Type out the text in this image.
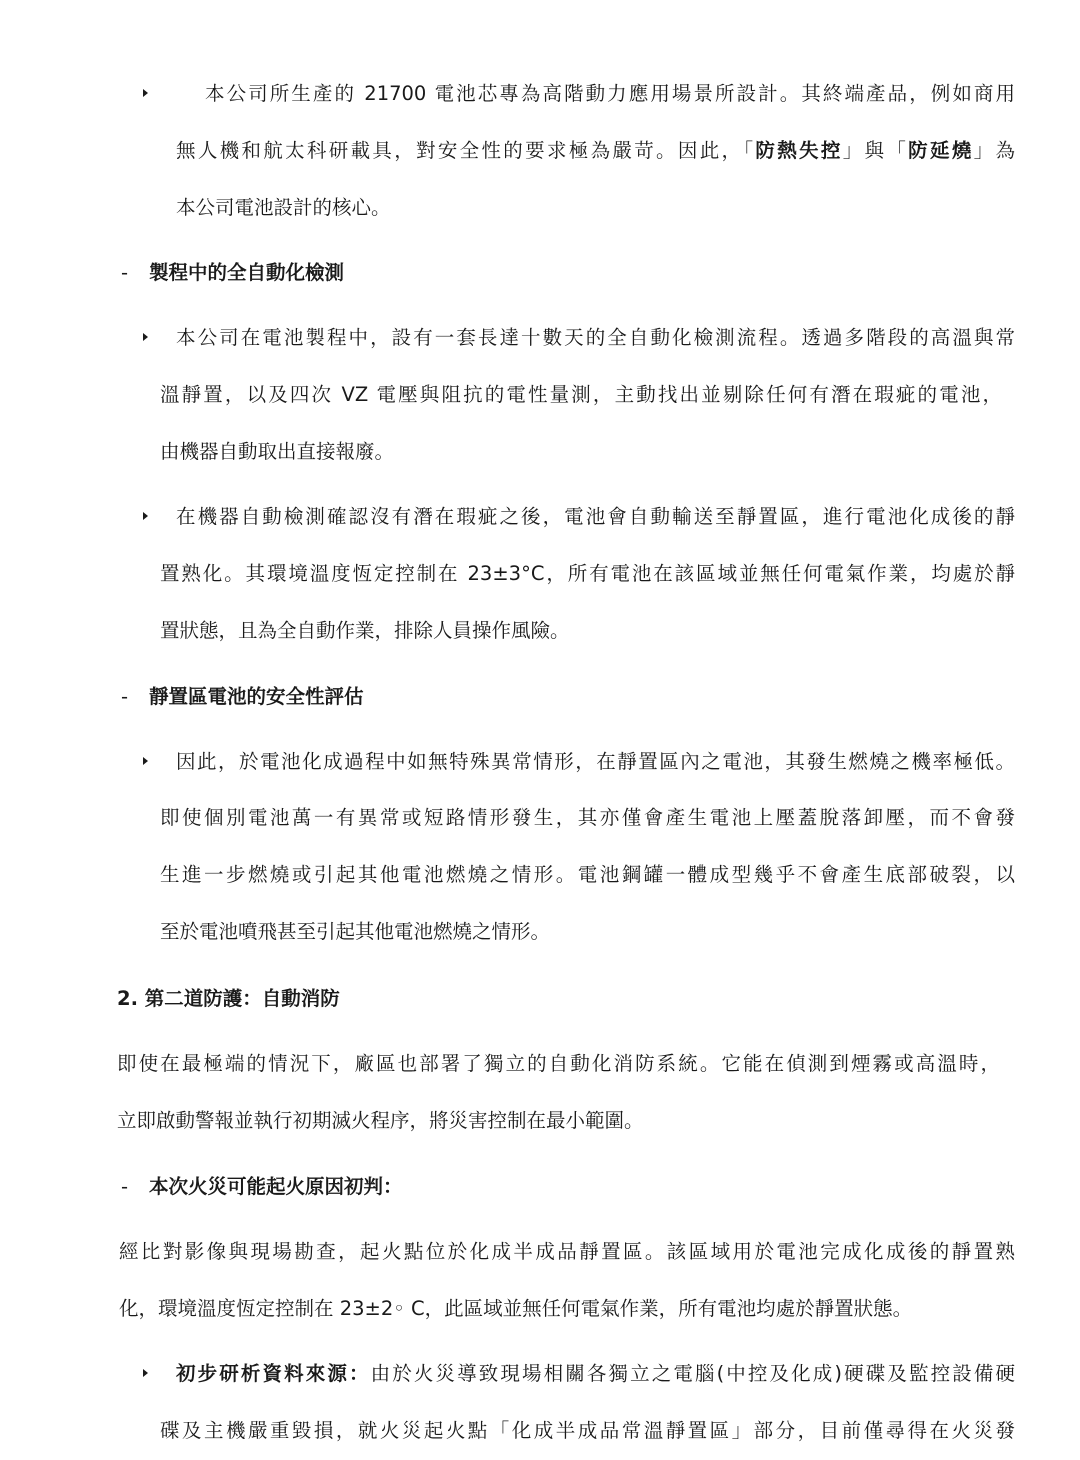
本公司所生產的 21700 電池芯專為高階動力應用場景所設計。其終端產品，例如商用
無人機和航太科研載具，對安全性的要求極為嚴苛。因此，「防熱失控」與「防延燒」為
本公司電池設計的核心。
- 製程中的全自動化檢測
本公司在電池製程中，設有一套長達十數天的全自動化檢測流程。透過多階段的高溫與常
溫靜置，以及四次 VZ 電壓與阻抗的電性量測，主動找出並剔除任何有潛在瑕疵的電池，
由機器自動取出直接報廢。
在機器自動檢測確認沒有潛在瑕疵之後，電池會自動輸送至靜置區，進行電池化成後的靜
置熟化。其環境溫度恆定控制在 23±3°C，所有電池在該區域並無任何電氣作業，均處於靜
置狀態，且為全自動作業，排除人員操作風險。
- 靜置區電池的安全性評估
因此，於電池化成過程中如無特殊異常情形，在靜置區內之電池，其發生燃燒之機率極低。
即使個別電池萬一有異常或短路情形發生，其亦僅會產生電池上壓蓋脫落卸壓，而不會發
生進一步燃燒或引起其他電池燃燒之情形。電池鋼罐一體成型幾乎不會產生底部破裂，以
至於電池噴飛甚至引起其他電池燃燒之情形。
2. 第二道防護：自動消防
即使在最極端的情況下，廠區也部署了獨立的自動化消防系統。它能在偵測到煙霧或高溫時，
立即啟動警報並執行初期滅火程序，將災害控制在最小範圍。
- 本次火災可能起火原因初判：
經比對影像與現場勘查，起火點位於化成半成品靜置區。該區域用於電池完成化成後的靜置熟
化，環境溫度恆定控制在 23±2◦ C，此區域並無任何電氣作業，所有電池均處於靜置狀態。
初步研析資料來源：由於火災導致現場相關各獨立之電腦(中控及化成)硬碟及監控設備硬
碟及主機嚴重毀損，就火災起火點「化成半成品常溫靜置區」部分，目前僅尋得在火災發
